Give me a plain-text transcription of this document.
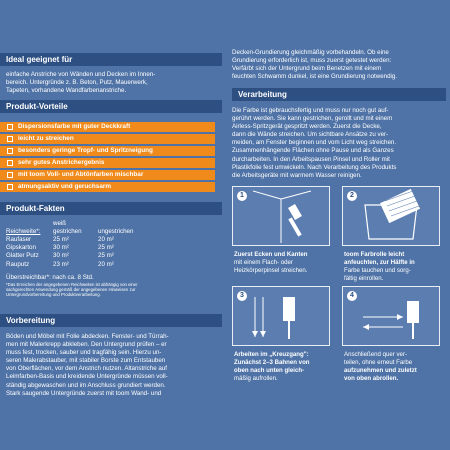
Ideal geeignet für

einfache Anstriche von Wänden und Decken im Innen-

bereich. Untergründe z. B. Beton, Putz, Mauerwerk,

Tapeten, vorhandene Wandfarbenanstriche.

Produkt-Vorteile
Dispersionsfarbe mit guter Deckkraft
leicht zu streichen
besonders geringe Tropf- und Spritzneigung
sehr gutes Anstrichergebnis
mit toom Voll- und Abtönfarben mischbar
atmungsaktiv und geruchsarm
Produkt-Fakten
Reichweite*:	weiß
gestrichen	ungestrichen
Raufaser	25 m²	20 m²
Gipskarton	30 m²	25 m²
Glatter Putz	30 m²	25 m²
Rauputz	23 m²	20 m²

Überstreichbar*: nach ca. 8 Std.

*Das Erreichen der angegebenen Reichweiten ist abhängig von einer
sachgerechten Anwendung gemäß der angegebenen Hinweisen zur
Untergrundvorbereitung und Produktverarbeitung.
Vorbereitung

Böden und Möbel mit Folie abdecken. Fenster- und Türrah-

men mit Malerkrepp abkleben. Den Untergrund prüfen – er

muss fest, trocken, sauber und tragfähig sein. Hierzu un-

seren Malerabstauber, mit stabiler Borste zum Entstauben

von Oberflächen, vor dem Anstrich nutzen. Altanstriche auf

Leimfarben-Basis und kreidende Untergründe müssen voll-

ständig abgewaschen und im Anschluss grundiert werden.

Stark saugende Untergründe zuerst mit toom Wand- und

Decken-Grundierung gleichmäßig vorbehandeln. Ob eine

Grundierung erforderlich ist, muss zuerst getestet werden:

Verfärbt sich der Untergrund beim Benetzen mit einem

feuchten Schwamm dunkel, ist eine Grundierung notwendig.

Verarbeitung

Die Farbe ist gebrauchsfertig und muss nur noch gut auf-

gerührt werden. Sie kann gestrichen, gerollt und mit einem

Airless-Spritzgerät gespritzt werden. Zuerst die Decke,

dann die Wände streichen. Um sichtbare Ansätze zu ver-

meiden, am Fenster beginnen und vom Licht weg streichen.

Zusammenhängende Flächen ohne Pause und als Ganzes

durcharbeiten. In den Arbeitspausen Pinsel und Roller mit

Plastikfolie fest umwickeln. Nach Verarbeitung des Produkts

die Arbeitsgeräte mit warmem Wasser reinigen.

1
Zuerst Ecken und Kanten
mit einem Flach- oder
Heizkörperpinsel streichen.
2
toom Farbrolle leicht
anfeuchten, zur Hälfte in
Farbe tauchen und sorg-
fältig einrollen.
3
Arbeiten im „Kreuzgang":
Zunächst 2–3 Bahnen von
oben nach unten gleich-
mäßig aufrollen.
4
Anschließend quer ver-
teilen, ohne erneut Farbe
aufzunehmen und zuletzt
von oben abrollen.
